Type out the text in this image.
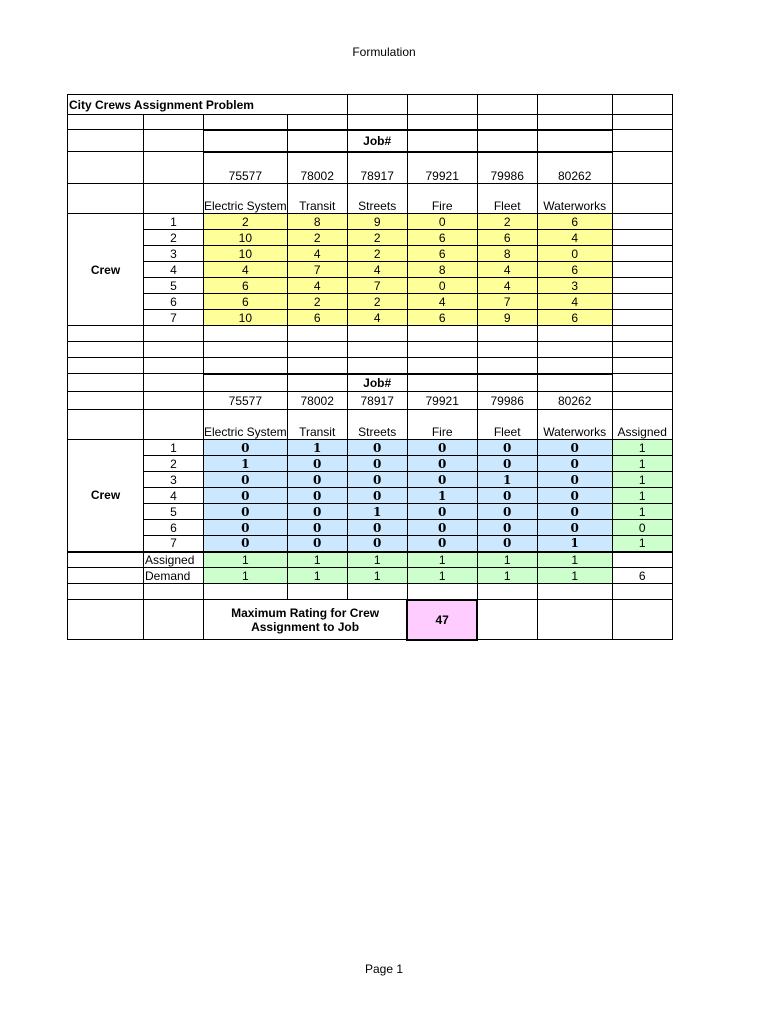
Formulation
City Crews Assignment Problem								

				Job#				
		75577	78002	78917	79921	79986	80262	
		Electric System	Transit	Streets	Fire	Fleet	Waterworks	
Crew	1	2	8	9	0	2	6	
	2	10	2	2	6	6	4	
	3	10	4	2	6	8	0	
	4	4	7	4	8	4	6	
	5	6	4	7	0	4	3	
	6	6	2	2	4	7	4	
	7	10	6	4	6	9	6	

				Job#				
		75577	78002	78917	79921	79986	80262	
		Electric System	Transit	Streets	Fire	Fleet	Waterworks	Assigned
Crew	1	0	1	0	0	0	0	1
	2	1	0	0	0	0	0	1
	3	0	0	0	0	1	0	1
	4	0	0	0	1	0	0	1
	5	0	0	1	0	0	0	1
	6	0	0	0	0	0	0	0
	7	0	0	0	0	0	1	1
	Assigned	1	1	1	1	1	1	
	Demand	1	1	1	1	1	1	6

		Maximum Rating for Crew Assignment to Job			47			
Page 1
